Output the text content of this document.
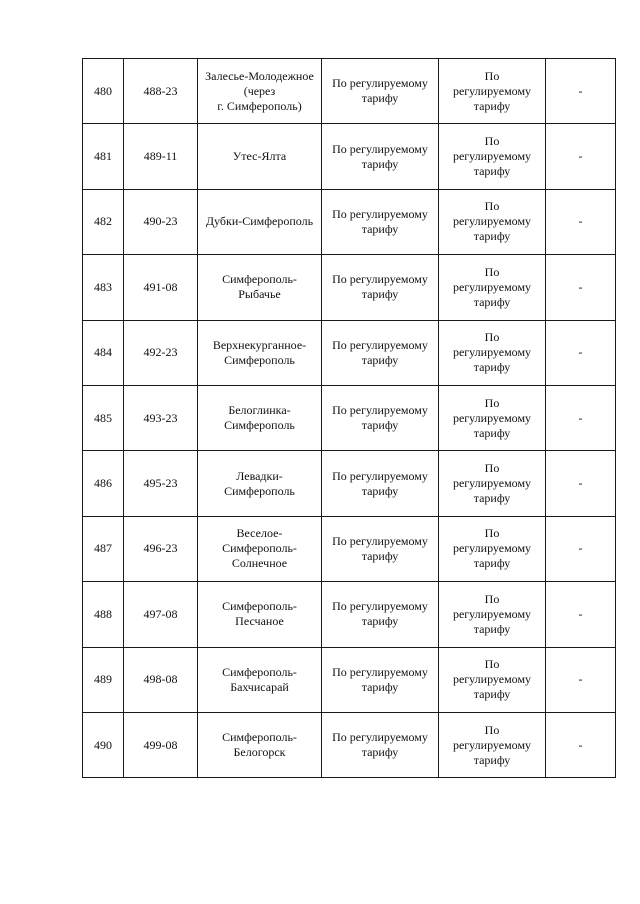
480	488-23	Залесье-Молодежное
(через
г. Симферополь)	По регулируемому
тарифу	По
регулируемому
тарифу	-
481	489-11	Утес-Ялта	По регулируемому
тарифу	По
регулируемому
тарифу	-
482	490-23	Дубки-Симферополь	По регулируемому
тарифу	По
регулируемому
тарифу	-
483	491-08	Симферополь-
Рыбачье	По регулируемому
тарифу	По
регулируемому
тарифу	-
484	492-23	Верхнекурганное-
Симферополь	По регулируемому
тарифу	По
регулируемому
тарифу	-
485	493-23	Белоглинка-
Симферополь	По регулируемому
тарифу	По
регулируемому
тарифу	-
486	495-23	Левадки-
Симферополь	По регулируемому
тарифу	По
регулируемому
тарифу	-
487	496-23	Веселое-
Симферополь-
Солнечное	По регулируемому
тарифу	По
регулируемому
тарифу	-
488	497-08	Симферополь-
Песчаное	По регулируемому
тарифу	По
регулируемому
тарифу	-
489	498-08	Симферополь-
Бахчисарай	По регулируемому
тарифу	По
регулируемому
тарифу	-
490	499-08	Симферополь-
Белогорск	По регулируемому
тарифу	По
регулируемому
тарифу	-
